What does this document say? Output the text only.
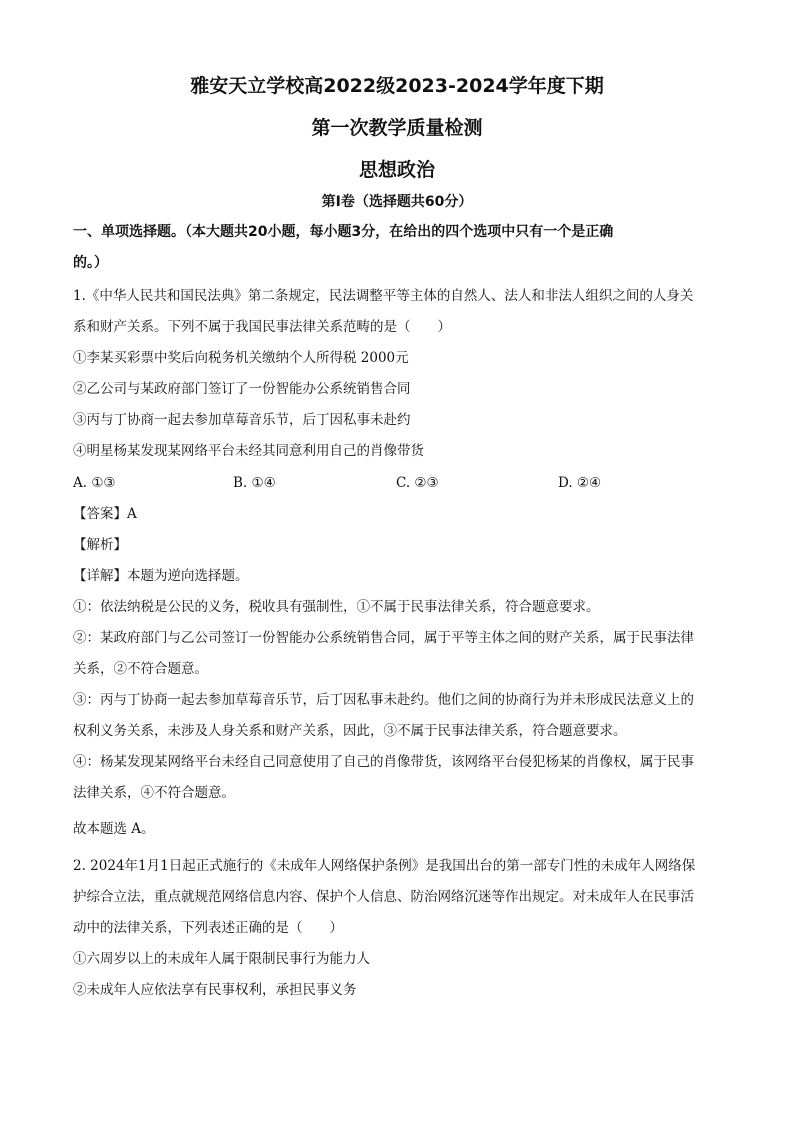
雅安天立学校高2022级2023-2024学年度下期
第一次教学质量检测
思想政治
第Ⅰ卷（选择题共60分）
一、单项选择题。（本大题共20小题，每小题3分，在给出的四个选项中只有一个是正确
的。）
1.《中华人民共和国民法典》第二条规定，民法调整平等主体的自然人、法人和非法人组织之间的人身关
系和财产关系。下列不属于我国民事法律关系范畴的是（　　）
①李某买彩票中奖后向税务机关缴纳个人所得税 2000元
②乙公司与某政府部门签订了一份智能办公系统销售合同
③丙与丁协商一起去参加草莓音乐节，后丁因私事未赴约
④明星杨某发现某网络平台未经其同意利用自己的肖像带货
A. ①③	B. ①④	C. ②③	D. ②④
【答案】A
【解析】
【详解】本题为逆向选择题。
①：依法纳税是公民的义务，税收具有强制性，①不属于民事法律关系，符合题意要求。
②：某政府部门与乙公司签订一份智能办公系统销售合同，属于平等主体之间的财产关系，属于民事法律
关系，②不符合题意。
③：丙与丁协商一起去参加草莓音乐节，后丁因私事未赴约。他们之间的协商行为并未形成民法意义上的
权利义务关系，未涉及人身关系和财产关系，因此，③不属于民事法律关系，符合题意要求。
④：杨某发现某网络平台未经自己同意使用了自己的肖像带货，该网络平台侵犯杨某的肖像权，属于民事
法律关系，④不符合题意。
故本题选 A。
2. 2024年1月1日起正式施行的《未成年人网络保护条例》是我国出台的第一部专门性的未成年人网络保
护综合立法，重点就规范网络信息内容、保护个人信息、防治网络沉迷等作出规定。对未成年人在民事活
动中的法律关系，下列表述正确的是（　　）
①六周岁以上的未成年人属于限制民事行为能力人
②未成年人应依法享有民事权利，承担民事义务
